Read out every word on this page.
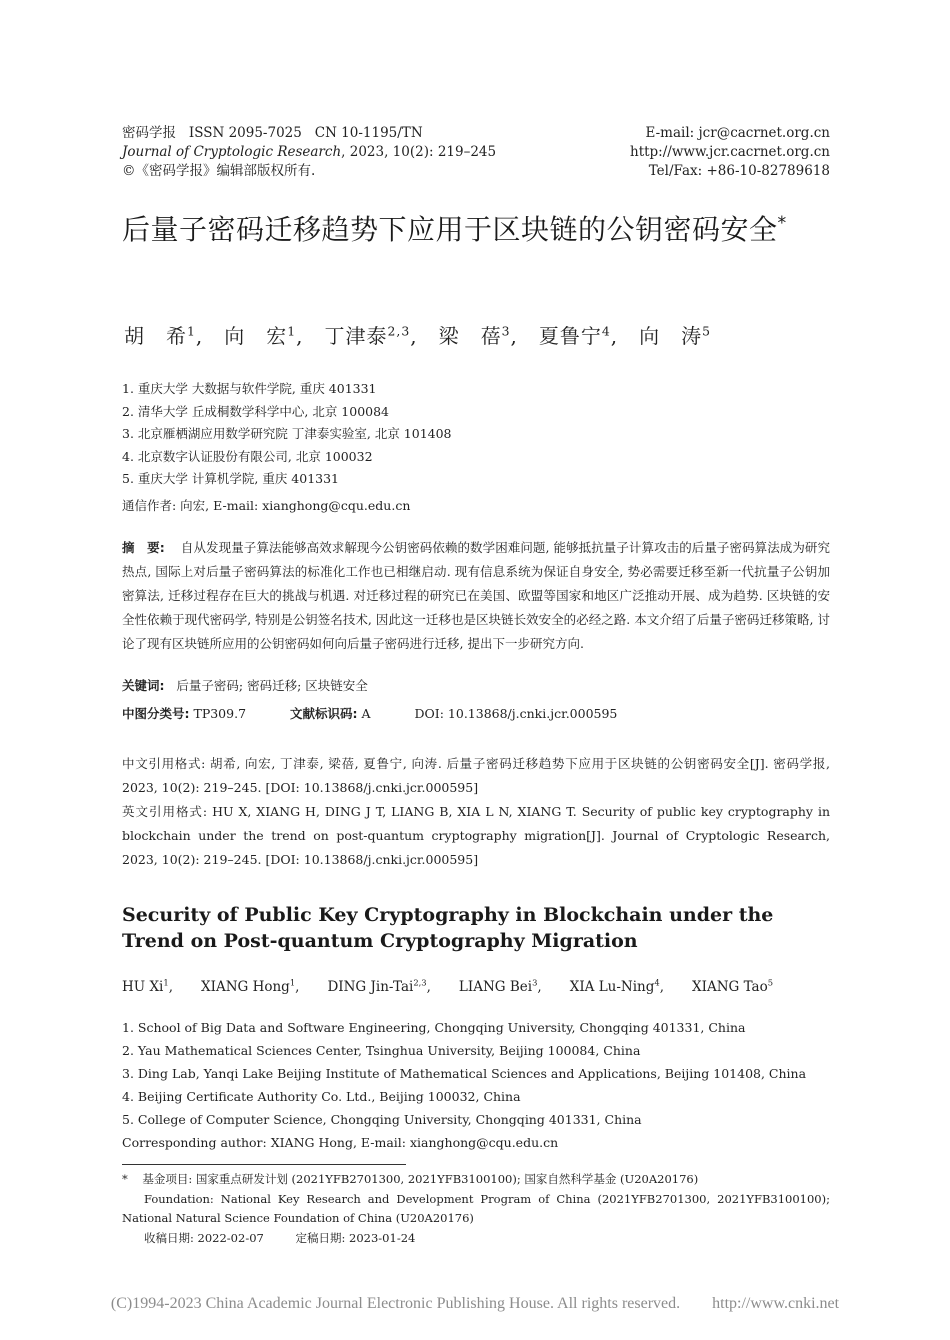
密码学报 ISSN 2095-7025 CN 10-1195/TN
Journal of Cryptologic Research, 2023, 10(2): 219–245
©《密码学报》编辑部版权所有.
E-mail: jcr@cacrnet.org.cn
http://www.jcr.cacrnet.org.cn
Tel/Fax: +86-10-82789618
后量子密码迁移趋势下应用于区块链的公钥密码安全*
胡　希$^1$,　向　宏$^1$,　丁津泰$^{2,3}$,　梁　蓓$^3$,　夏鲁宁$^4$,　向　涛$^5$
1. 重庆大学 大数据与软件学院, 重庆 401331
2. 清华大学 丘成桐数学科学中心, 北京 100084
3. 北京雁栖湖应用数学研究院 丁津泰实验室, 北京 101408
4. 北京数字认证股份有限公司, 北京 100032
5. 重庆大学 计算机学院, 重庆 401331
通信作者: 向宏, E-mail: xianghong@cqu.edu.cn
摘　要: 自从发现量子算法能够高效求解现今公钥密码依赖的数学困难问题, 能够抵抗量子计算攻击的后量子密码算法成为研究热点, 国际上对后量子密码算法的标准化工作也已相继启动. 现有信息系统为保证自身安全, 势必需要迁移至新一代抗量子公钥加密算法, 迁移过程存在巨大的挑战与机遇. 对迁移过程的研究已在美国、欧盟等国家和地区广泛推动开展、成为趋势. 区块链的安全性依赖于现代密码学, 特别是公钥签名技术, 因此这一迁移也是区块链长效安全的必经之路. 本文介绍了后量子密码迁移策略, 讨论了现有区块链所应用的公钥密码如何向后量子密码进行迁移, 提出下一步研究方向.
关键词: 后量子密码; 密码迁移; 区块链安全
中图分类号: TP309.7	文献标识码: A	DOI: 10.13868/j.cnki.jcr.000595

中文引用格式: 胡希, 向宏, 丁津泰, 梁蓓, 夏鲁宁, 向涛. 后量子密码迁移趋势下应用于区块链的公钥密码安全[J]. 密码学报, 2023, 10(2): 219–245. [DOI: 10.13868/j.cnki.jcr.000595]

英文引用格式: HU X, XIANG H, DING J T, LIANG B, XIA L N, XIANG T. Security of public key cryptography in blockchain under the trend on post-quantum cryptography migration[J]. Journal of Cryptologic Research, 2023, 10(2): 219–245. [DOI: 10.13868/j.cnki.jcr.000595]

Security of Public Key Cryptography in Blockchain under the Trend on Post-quantum Cryptography Migration
HU Xi$^1$, XIANG Hong$^1$, DING Jin-Tai$^{2,3}$, LIANG Bei$^3$, XIA Lu-Ning$^4$, XIANG Tao$^5$
1. School of Big Data and Software Engineering, Chongqing University, Chongqing 401331, China
2. Yau Mathematical Sciences Center, Tsinghua University, Beijing 100084, China
3. Ding Lab, Yanqi Lake Beijing Institute of Mathematical Sciences and Applications, Beijing 101408, China
4. Beijing Certificate Authority Co. Ltd., Beijing 100032, China
5. College of Computer Science, Chongqing University, Chongqing 401331, China
Corresponding author: XIANG Hong, E-mail: xianghong@cqu.edu.cn
* 基金项目: 国家重点研发计划 (2021YFB2701300, 2021YFB3100100); 国家自然科学基金 (U20A20176)
Foundation: National Key Research and Development Program of China (2021YFB2701300, 2021YFB3100100); National Natural Science Foundation of China (U20A20176)
收稿日期: 2022-02-07	定稿日期: 2023-01-24
(C)1994-2023 China Academic Journal Electronic Publishing House. All rights reserved.　　http://www.cnki.net
